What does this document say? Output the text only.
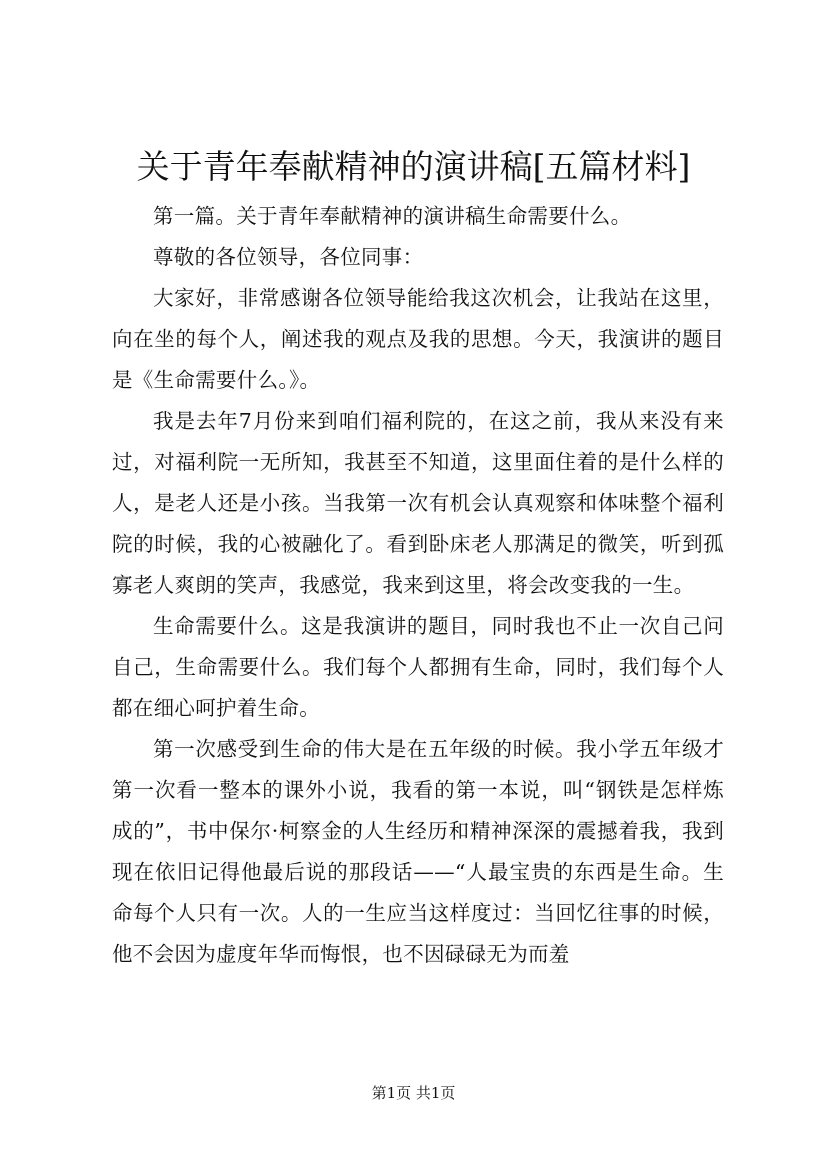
关于青年奉献精神的演讲稿[五篇材料]

第一篇。关于青年奉献精神的演讲稿生命需要什么。

尊敬的各位领导，各位同事：

大家好，非常感谢各位领导能给我这次机会，让我站在这里，向在坐的每个人，阐述我的观点及我的思想。今天，我演讲的题目是《生命需要什么。》。

我是去年7月份来到咱们福利院的，在这之前，我从来没有来过，对福利院一无所知，我甚至不知道，这里面住着的是什么样的人，是老人还是小孩。当我第一次有机会认真观察和体味整个福利院的时候，我的心被融化了。看到卧床老人那满足的微笑，听到孤寡老人爽朗的笑声，我感觉，我来到这里，将会改变我的一生。

生命需要什么。这是我演讲的题目，同时我也不止一次自己问自己，生命需要什么。我们每个人都拥有生命，同时，我们每个人都在细心呵护着生命。

第一次感受到生命的伟大是在五年级的时候。我小学五年级才第一次看一整本的课外小说，我看的第一本说，叫“钢铁是怎样炼成的”，书中保尔·柯察金的人生经历和精神深深的震撼着我，我到现在依旧记得他最后说的那段话——“人最宝贵的东西是生命。生命每个人只有一次。人的一生应当这样度过：当回忆往事的时候，他不会因为虚度年华而悔恨，也不因碌碌无为而羞

第1页 共1页
